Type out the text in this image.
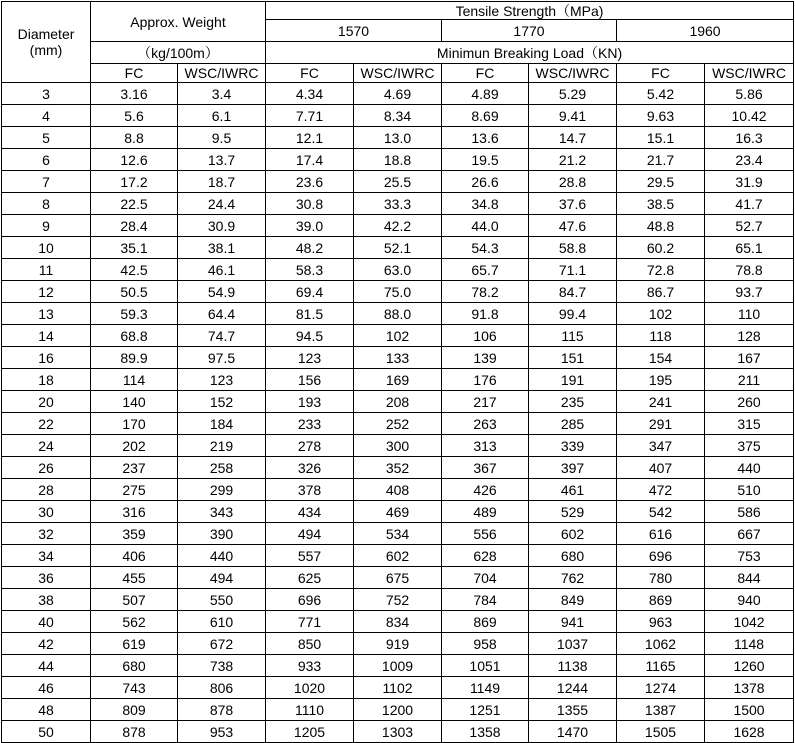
Diameter
(mm)	Approx. Weight		Tensile Strength（MPa)					
			1570		1770		1960	
	（kg/100m）		Minimun Breaking Load（KN)					
	FC	WSC/IWRC	FC	WSC/IWRC	FC	WSC/IWRC	FC	WSC/IWRC
3	3.16	3.4	4.34	4.69	4.89	5.29	5.42	5.86
4	5.6	6.1	7.71	8.34	8.69	9.41	9.63	10.42
5	8.8	9.5	12.1	13.0	13.6	14.7	15.1	16.3
6	12.6	13.7	17.4	18.8	19.5	21.2	21.7	23.4
7	17.2	18.7	23.6	25.5	26.6	28.8	29.5	31.9
8	22.5	24.4	30.8	33.3	34.8	37.6	38.5	41.7
9	28.4	30.9	39.0	42.2	44.0	47.6	48.8	52.7
10	35.1	38.1	48.2	52.1	54.3	58.8	60.2	65.1
11	42.5	46.1	58.3	63.0	65.7	71.1	72.8	78.8
12	50.5	54.9	69.4	75.0	78.2	84.7	86.7	93.7
13	59.3	64.4	81.5	88.0	91.8	99.4	102	110
14	68.8	74.7	94.5	102	106	115	118	128
16	89.9	97.5	123	133	139	151	154	167
18	114	123	156	169	176	191	195	211
20	140	152	193	208	217	235	241	260
22	170	184	233	252	263	285	291	315
24	202	219	278	300	313	339	347	375
26	237	258	326	352	367	397	407	440
28	275	299	378	408	426	461	472	510
30	316	343	434	469	489	529	542	586
32	359	390	494	534	556	602	616	667
34	406	440	557	602	628	680	696	753
36	455	494	625	675	704	762	780	844
38	507	550	696	752	784	849	869	940
40	562	610	771	834	869	941	963	1042
42	619	672	850	919	958	1037	1062	1148
44	680	738	933	1009	1051	1138	1165	1260
46	743	806	1020	1102	1149	1244	1274	1378
48	809	878	1110	1200	1251	1355	1387	1500
50	878	953	1205	1303	1358	1470	1505	1628
